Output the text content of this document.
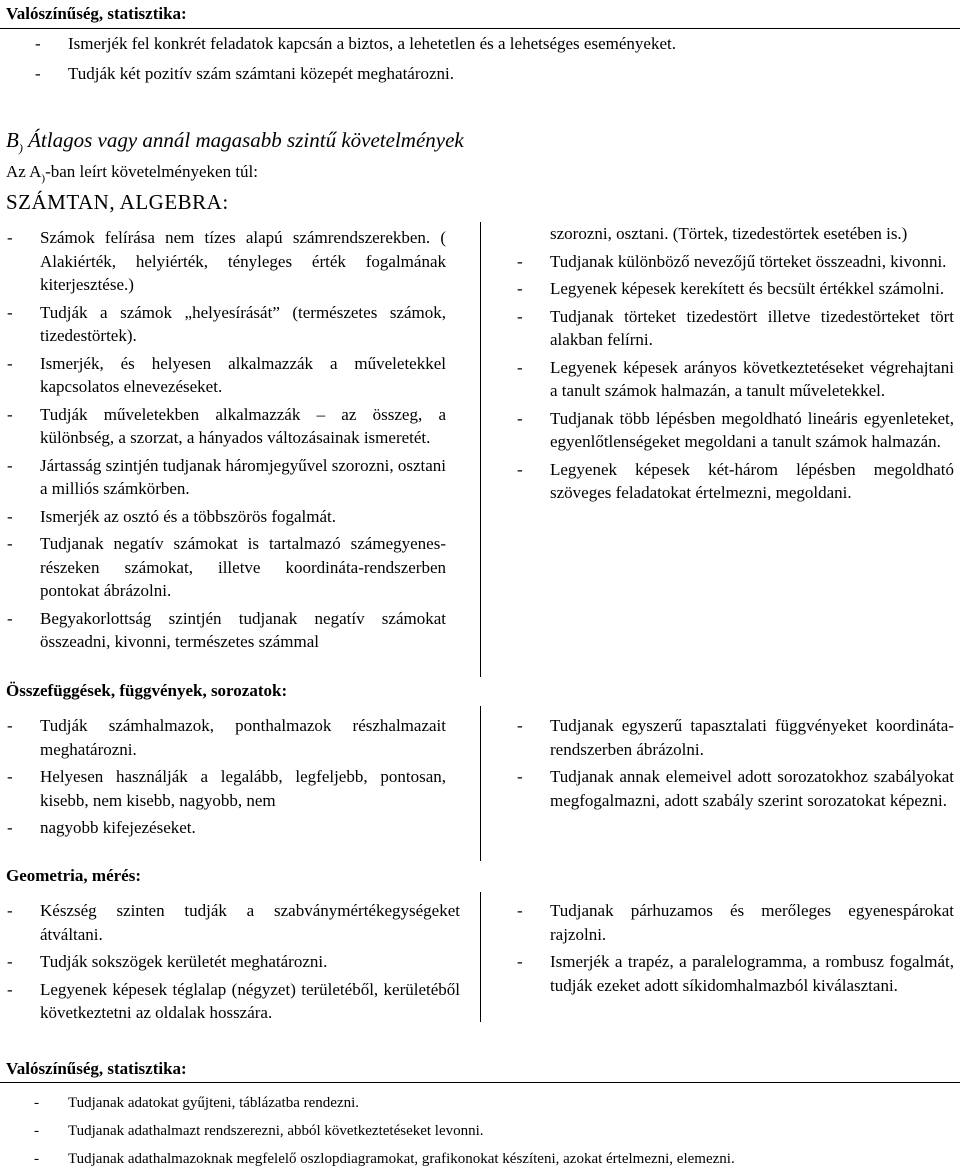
Valószínűség, statisztika:
- Ismerjék fel konkrét feladatok kapcsán a biztos, a lehetetlen és a lehetséges eseményeket.
- Tudják két pozitív szám számtani közepét meghatározni.
$B_)$ Átlagos vagy annál magasabb szintű követelmények
Az $A_)$-ban leírt követelményeken túl:
SZÁMTAN, ALGEBRA:
- Számok felírása nem tízes alapú számrendszerekben. ( Alakiérték, helyiérték, tényleges érték fogalmának kiterjesztése.)
- Tudják a számok „helyesírását” (természetes számok, tizedestörtek).
- Ismerjék, és helyesen alkalmazzák a műveletekkel kapcsolatos elnevezéseket.
- Tudják műveletekben alkalmazzák – az összeg, a különbség, a szorzat, a hányados változásainak ismeretét.
- Jártasság szintjén tudjanak háromjegyűvel szorozni, osztani a milliós számkörben.
- Ismerjék az osztó és a többszörös fogalmát.
- Tudjanak negatív számokat is tartalmazó számegyenes-részeken számokat, illetve koordináta-rendszerben pontokat ábrázolni.
- Begyakorlottság szintjén tudjanak negatív számokat összeadni, kivonni, természetes számmal
szorozni, osztani. (Törtek, tizedestörtek esetében is.)
- Tudjanak különböző nevezőjű törteket összeadni, kivonni.
- Legyenek képesek kerekített és becsült értékkel számolni.
- Tudjanak törteket tizedestört illetve tizedestörteket tört alakban felírni.
- Legyenek képesek arányos következtetéseket végrehajtani a tanult számok halmazán, a tanult műveletekkel.
- Tudjanak több lépésben megoldható lineáris egyenleteket, egyenlőtlenségeket megoldani a tanult számok halmazán.
- Legyenek képesek két-három lépésben megoldható szöveges feladatokat értelmezni, megoldani.
Összefüggések, függvények, sorozatok:
- Tudják számhalmazok, ponthalmazok részhalmazait meghatározni.
- Helyesen használják a legalább, legfeljebb, pontosan, kisebb, nem kisebb, nagyobb, nem
- nagyobb kifejezéseket.
- Tudjanak egyszerű tapasztalati függvényeket koordináta-rendszerben ábrázolni.
- Tudjanak annak elemeivel adott sorozatokhoz szabályokat megfogalmazni, adott szabály szerint sorozatokat képezni.
Geometria, mérés:
- Készség szinten tudják a szabványmértékegységeket átváltani.
- Tudják sokszögek kerületét meghatározni.
- Legyenek képesek téglalap (négyzet) területéből, kerületéből következtetni az oldalak hosszára.
- Tudjanak párhuzamos és merőleges egyenespárokat rajzolni.
- Ismerjék a trapéz, a paralelogramma, a rombusz fogalmát, tudják ezeket adott síkidomhalmazból kiválasztani.
Valószínűség, statisztika:
- Tudjanak adatokat gyűjteni, táblázatba rendezni.
- Tudjanak adathalmazt rendszerezni, abból következtetéseket levonni.
- Tudjanak adathalmazoknak megfelelő oszlopdiagramokat, grafikonokat készíteni, azokat értelmezni, elemezni.
